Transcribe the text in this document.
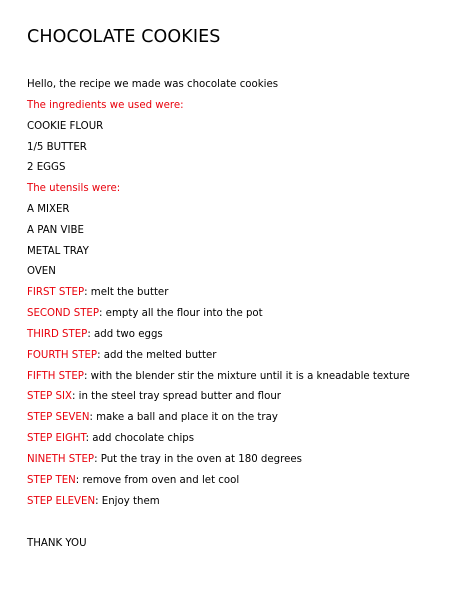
CHOCOLATE COOKIES
Hello, the recipe we made was chocolate cookies
The ingredients we used were:
COOKIE FLOUR
1/5 BUTTER
2 EGGS
The utensils were:
A MIXER
A PAN VIBE
METAL TRAY
OVEN
FIRST STEP: melt the butter
SECOND STEP: empty all the flour into the pot
THIRD STEP: add two eggs
FOURTH STEP: add the melted butter
FIFTH STEP: with the blender stir the mixture until it is a kneadable texture
STEP SIX: in the steel tray spread butter and flour
STEP SEVEN: make a ball and place it on the tray
STEP EIGHT: add chocolate chips
NINETH STEP: Put the tray in the oven at 180 degrees
STEP TEN: remove from oven and let cool
STEP ELEVEN: Enjoy them
THANK YOU
